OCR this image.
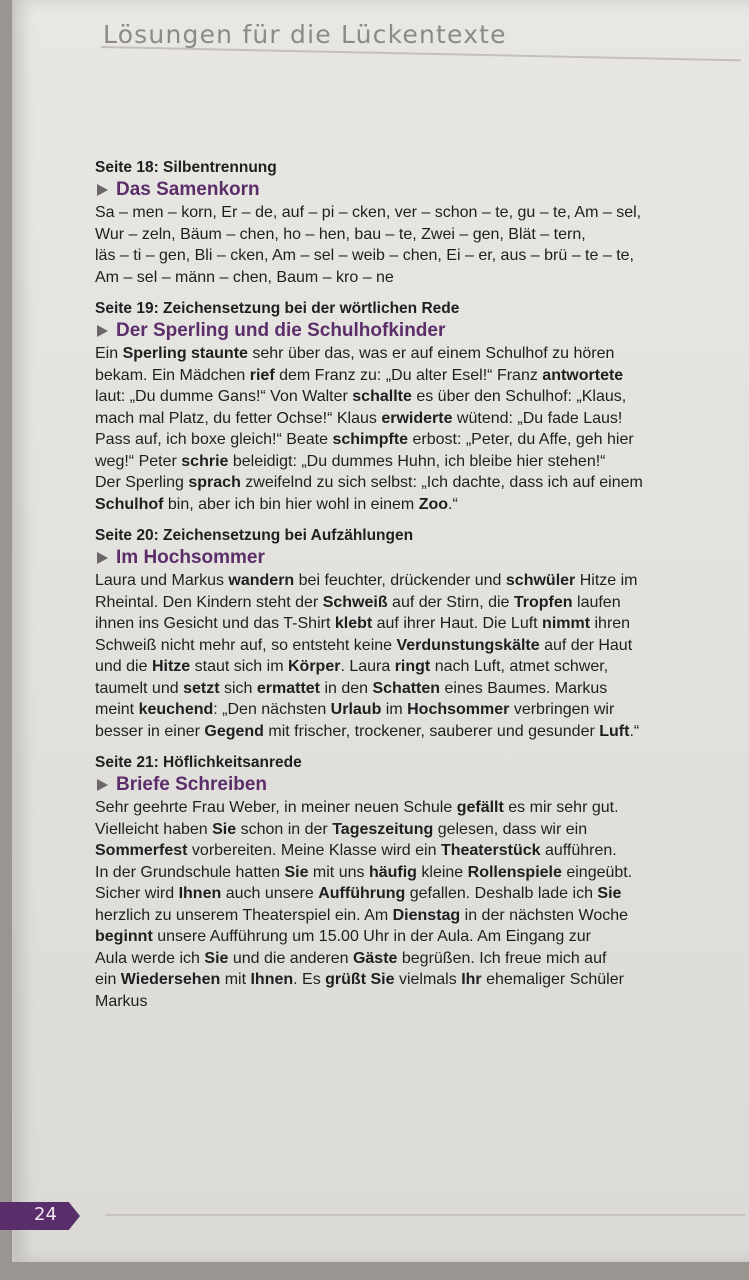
Lösungen für die Lückentexte
Seite 18: Silbentrennung
Das Samenkorn

Sa – men – korn, Er – de, auf – pi – cken, ver – schon – te, gu – te, Am – sel,
Wur – zeln, Bäum – chen, ho – hen, bau – te, Zwei – gen, Blät – tern,
läs – ti – gen, Bli – cken, Am – sel – weib – chen, Ei – er, aus – brü – te – te,
Am – sel – männ – chen, Baum – kro – ne

Seite 19: Zeichensetzung bei der wörtlichen Rede
Der Sperling und die Schulhofkinder

Ein Sperling staunte sehr über das, was er auf einem Schulhof zu hören
bekam. Ein Mädchen rief dem Franz zu: „Du alter Esel!“ Franz antwortete
laut: „Du dumme Gans!“ Von Walter schallte es über den Schulhof: „Klaus,
mach mal Platz, du fetter Ochse!“ Klaus erwiderte wütend: „Du fade Laus!
Pass auf, ich boxe gleich!“ Beate schimpfte erbost: „Peter, du Affe, geh hier
weg!“ Peter schrie beleidigt: „Du dummes Huhn, ich bleibe hier stehen!“
Der Sperling sprach zweifelnd zu sich selbst: „Ich dachte, dass ich auf einem
Schulhof bin, aber ich bin hier wohl in einem Zoo.“

Seite 20: Zeichensetzung bei Aufzählungen
Im Hochsommer

Laura und Markus wandern bei feuchter, drückender und schwüler Hitze im
Rheintal. Den Kindern steht der Schweiß auf der Stirn, die Tropfen laufen
ihnen ins Gesicht und das T-Shirt klebt auf ihrer Haut. Die Luft nimmt ihren
Schweiß nicht mehr auf, so entsteht keine Verdunstungskälte auf der Haut
und die Hitze staut sich im Körper. Laura ringt nach Luft, atmet schwer,
taumelt und setzt sich ermattet in den Schatten eines Baumes. Markus
meint keuchend: „Den nächsten Urlaub im Hochsommer verbringen wir
besser in einer Gegend mit frischer, trockener, sauberer und gesunder Luft.“

Seite 21: Höflichkeitsanrede
Briefe Schreiben

Sehr geehrte Frau Weber, in meiner neuen Schule gefällt es mir sehr gut.
Vielleicht haben Sie schon in der Tageszeitung gelesen, dass wir ein
Sommerfest vorbereiten. Meine Klasse wird ein Theaterstück aufführen.
In der Grundschule hatten Sie mit uns häufig kleine Rollenspiele eingeübt.
Sicher wird Ihnen auch unsere Aufführung gefallen. Deshalb lade ich Sie
herzlich zu unserem Theaterspiel ein. Am Dienstag in der nächsten Woche
beginnt unsere Aufführung um 15.00 Uhr in der Aula. Am Eingang zur
Aula werde ich Sie und die anderen Gäste begrüßen. Ich freue mich auf
ein Wiedersehen mit Ihnen. Es grüßt Sie vielmals Ihr ehemaliger Schüler
Markus

24
